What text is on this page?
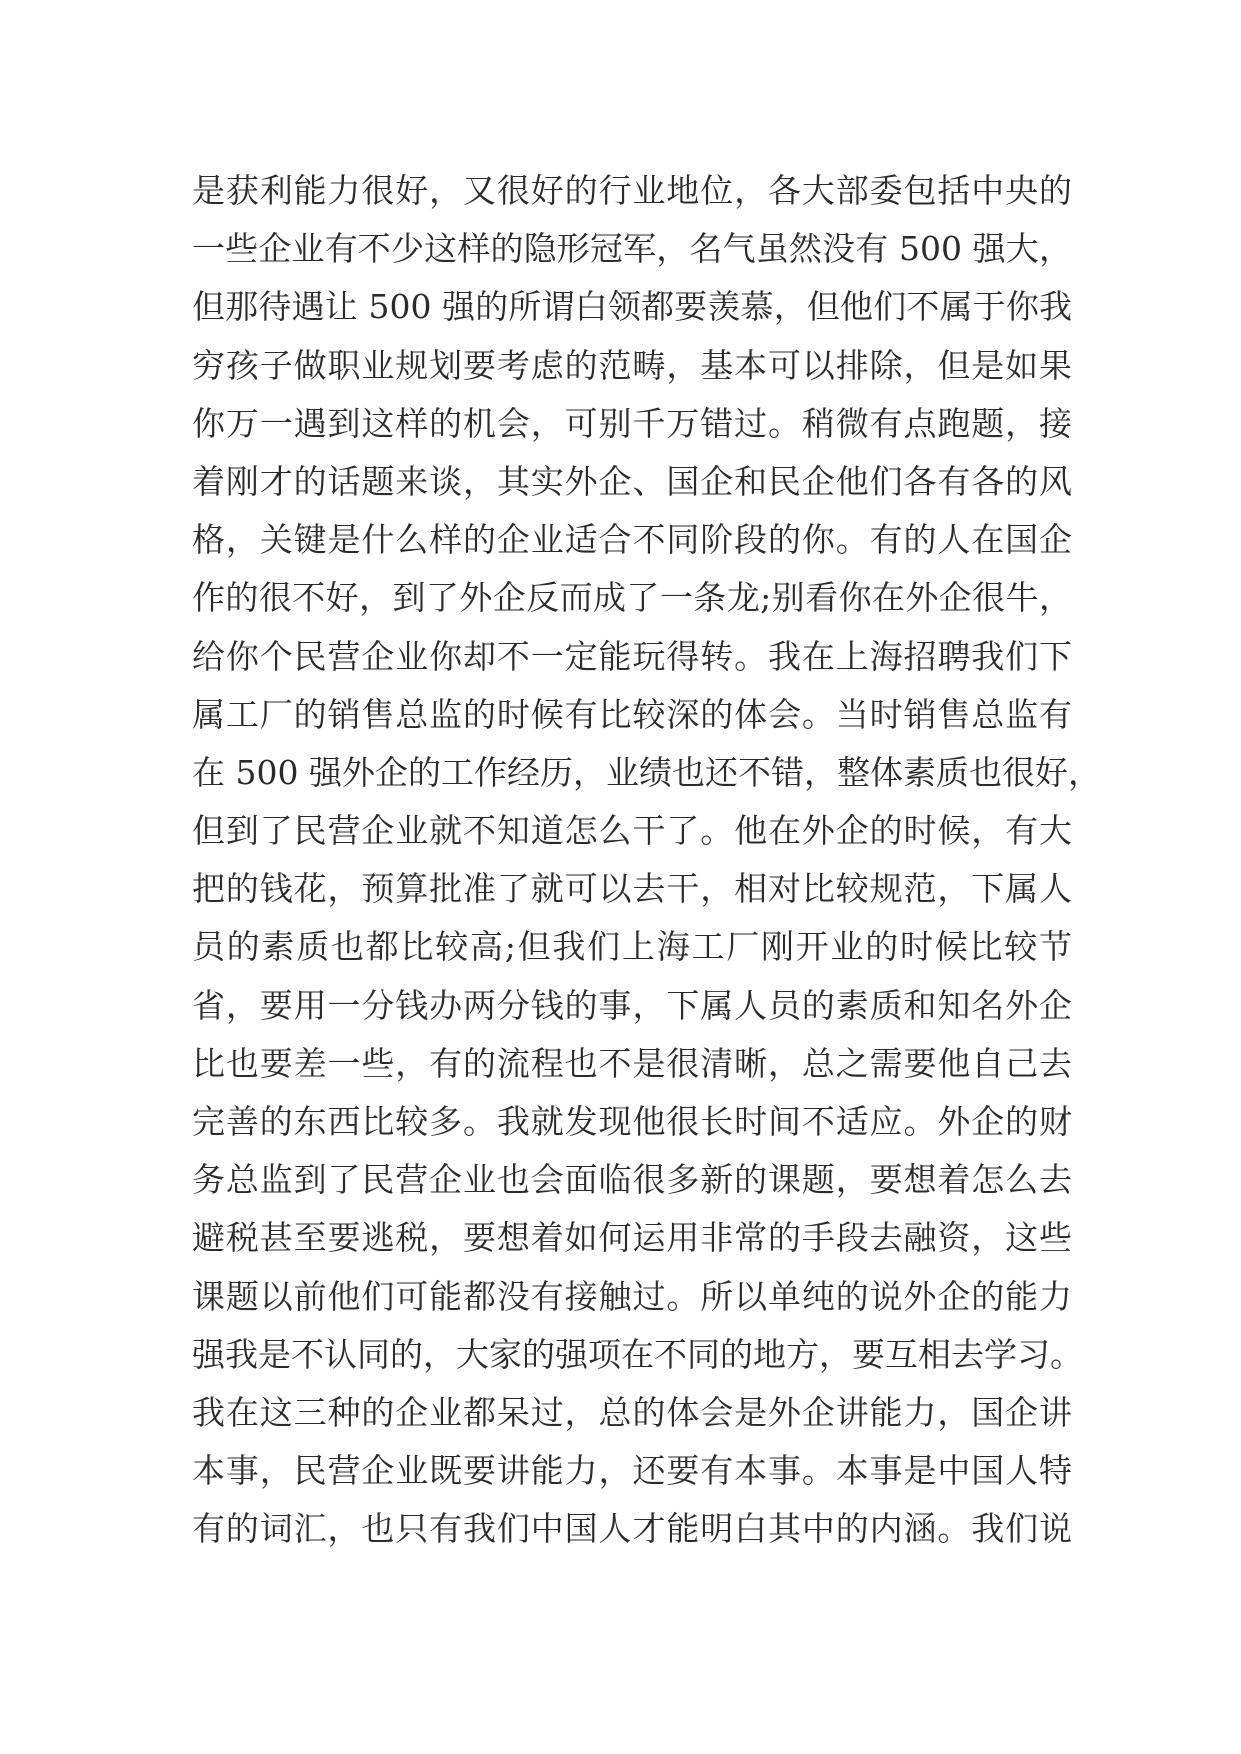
是获利能力很好，又很好的行业地位，各大部委包括中央的
一些企业有不少这样的隐形冠军，名气虽然没有 500 强大，
但那待遇让 500 强的所谓白领都要羡慕，但他们不属于你我
穷孩子做职业规划要考虑的范畴，基本可以排除，但是如果
你万一遇到这样的机会，可别千万错过。稍微有点跑题，接
着刚才的话题来谈，其实外企、国企和民企他们各有各的风
格，关键是什么样的企业适合不同阶段的你。有的人在国企
作的很不好，到了外企反而成了一条龙;别看你在外企很牛，
给你个民营企业你却不一定能玩得转。我在上海招聘我们下
属工厂的销售总监的时候有比较深的体会。当时销售总监有
在 500 强外企的工作经历，业绩也还不错，整体素质也很好，
但到了民营企业就不知道怎么干了。他在外企的时候，有大
把的钱花，预算批准了就可以去干，相对比较规范，下属人
员的素质也都比较高;但我们上海工厂刚开业的时候比较节
省，要用一分钱办两分钱的事，下属人员的素质和知名外企
比也要差一些，有的流程也不是很清晰，总之需要他自己去
完善的东西比较多。我就发现他很长时间不适应。外企的财
务总监到了民营企业也会面临很多新的课题，要想着怎么去
避税甚至要逃税，要想着如何运用非常的手段去融资，这些
课题以前他们可能都没有接触过。所以单纯的说外企的能力
强我是不认同的，大家的强项在不同的地方，要互相去学习。
我在这三种的企业都呆过，总的体会是外企讲能力，国企讲
本事，民营企业既要讲能力，还要有本事。本事是中国人特
有的词汇，也只有我们中国人才能明白其中的内涵。我们说
